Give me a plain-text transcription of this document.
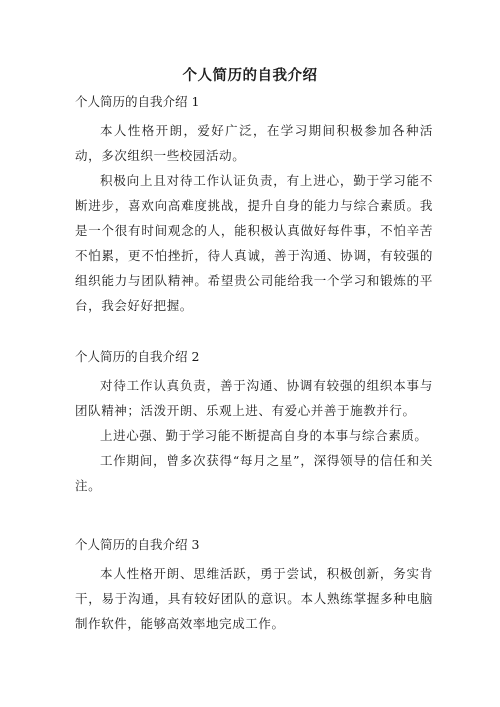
个人简历的自我介绍

个人简历的自我介绍 1

本人性格开朗，爱好广泛，在学习期间积极参加各种活动，多次组织一些校园活动。

积极向上且对待工作认证负责，有上进心，勤于学习能不断进步，喜欢向高难度挑战，提升自身的能力与综合素质。我是一个很有时间观念的人，能积极认真做好每件事，不怕辛苦不怕累，更不怕挫折，待人真诚，善于沟通、协调，有较强的组织能力与团队精神。希望贵公司能给我一个学习和锻炼的平台，我会好好把握。

个人简历的自我介绍 2

对待工作认真负责，善于沟通、协调有较强的组织本事与团队精神；活泼开朗、乐观上进、有爱心并善于施教并行。

上进心强、勤于学习能不断提高自身的本事与综合素质。

工作期间，曾多次获得“每月之星”，深得领导的信任和关注。

个人简历的自我介绍 3

本人性格开朗、思维活跃，勇于尝试，积极创新，务实肯干，易于沟通，具有较好团队的意识。本人熟练掌握多种电脑制作软件，能够高效率地完成工作。
